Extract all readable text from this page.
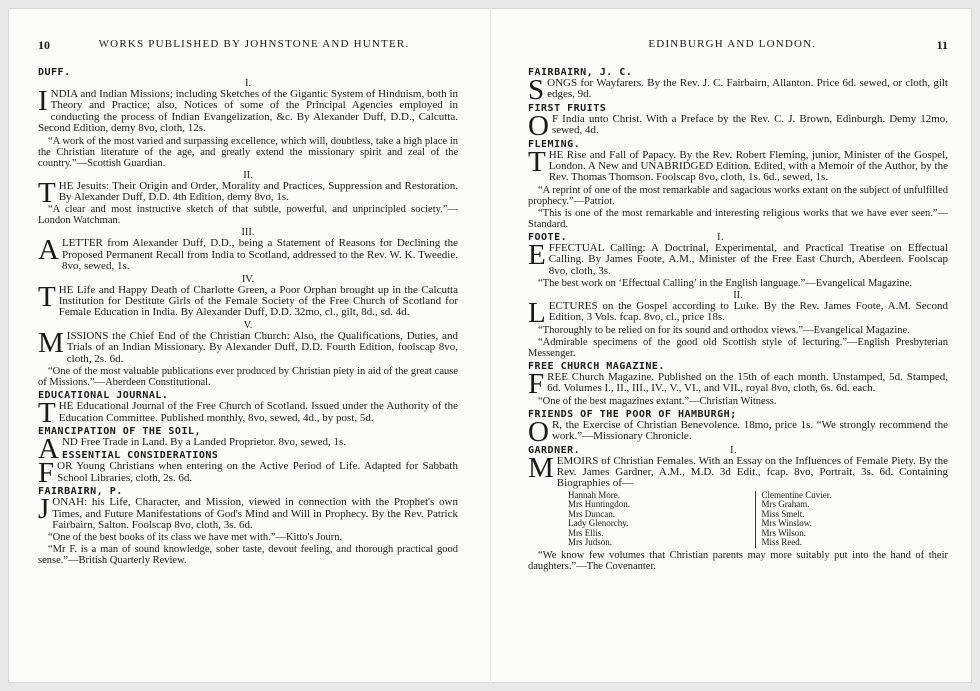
10	WORKS PUBLISHED BY JOHNSTONE AND HUNTER.
DUFF.
I.
INDIA and Indian Missions; including Sketches of the Gigantic System of Hinduism, both in Theory and Practice; also, Notices of some of the Principal Agencies employed in conducting the process of Indian Evangelization, &c. By Alexander Duff, D.D., Calcutta. Second Edition, demy 8vo, cloth, 12s.
“A work of the most varied and surpassing excellence, which will, doubtless, take a high place in the Christian literature of the age, and greatly extend the missionary spirit and zeal of the country.”—Scottish Guardian.
II.
THE Jesuits: Their Origin and Order, Morality and Practices, Suppression and Restoration. By Alexander Duff, D.D. 4th Edition, demy 8vo, 1s.
“A clear and most instructive sketch of that subtle, powerful, and unprincipled society.”—London Watchman.
III.
ALETTER from Alexander Duff, D.D., being a Statement of Reasons for Declining the Proposed Permanent Recall from India to Scotland, addressed to the Rev. W. K. Tweedie. 8vo, sewed, 1s.
IV.
THE Life and Happy Death of Charlotte Green, a Poor Orphan brought up in the Calcutta Institution for Destitute Girls of the Female Society of the Free Church of Scotland for Female Education in India. By Alexander Duff, D.D. 32mo, cl., gilt, 8d., sd. 4d.
V.
MISSIONS the Chief End of the Christian Church: Also, the Qualifications, Duties, and Trials of an Indian Missionary. By Alexander Duff, D.D. Fourth Edition, foolscap 8vo, cloth, 2s. 6d.
“One of the most valuable publications ever produced by Christian piety in aid of the great cause of Missions.”—Aberdeen Constitutional.
EDUCATIONAL JOURNAL.
THE Educational Journal of the Free Church of Scotland. Issued under the Authority of the Education Committee. Published monthly, 8vo, sewed, 4d., by post, 5d.
EMANCIPATION OF THE SOIL,
AND Free Trade in Land. By a Landed Proprietor. 8vo, sewed, 1s.
ESSENTIAL CONSIDERATIONS
FOR Young Christians when entering on the Active Period of Life. Adapted for Sabbath School Libraries, cloth, 2s. 6d.
FAIRBAIRN, P.
JONAH: his Life, Character, and Mission, viewed in connection with the Prophet's own Times, and Future Manifestations of God's Mind and Will in Prophecy. By the Rev. Patrick Fairbairn, Salton. Foolscap 8vo, cloth, 3s. 6d.
“One of the best books of its class we have met with.”—Kitto's Journ.
“Mr F. is a man of sound knowledge, sober taste, devout feeling, and thorough practical good sense.”—British Quarterly Review.
EDINBURGH AND LONDON.	11
FAIRBAIRN, J. C.
SONGS for Wayfarers. By the Rev. J. C. Fairbairn, Allanton. Price 6d. sewed, or cloth, gilt edges, 9d.
FIRST FRUITS
O F India unto Christ. With a Preface by the Rev. C. J. Brown, Edinburgh. Demy 12mo, sewed, 4d.
FLEMING.
THE Rise and Fall of Papacy. By the Rev. Robert Fleming, junior, Minister of the Gospel, London. A New and UNABRIDGED Edition. Edited, with a Memoir of the Author, by the Rev. Thomas Thomson. Foolscap 8vo, cloth, 1s. 6d., sewed, 1s.
“A reprint of one of the most remarkable and sagacious works extant on the subject of unfulfilled prophecy.”—Patriot.
“This is one of the most remarkable and interesting religious works that we have ever seen.”—Standard.
FOOTE.	I.
EFFECTUAL Calling: A Doctrinal, Experimental, and Practical Treatise on Effectual Calling. By James Foote, A.M., Minister of the Free East Church, Aberdeen. Foolscap 8vo, cloth, 3s.
“The best work on ‘Effectual Calling’ in the English language.”—Evangelical Magazine.
II.
LECTURES on the Gospel according to Luke. By the Rev. James Foote, A.M. Second Edition, 3 Vols. fcap. 8vo, cl., price 18s.
“Thoroughly to be relied on for its sound and orthodox views.”—Evangelical Magazine.
“Admirable specimens of the good old Scottish style of lecturing.”—English Presbyterian Messenger.
FREE CHURCH MAGAZINE.
FREE Church Magazine. Published on the 15th of each month. Unstamped, 5d. Stamped, 6d. Volumes I., II., III., IV., V., VI., and VII., royal 8vo, cloth, 6s. 6d. each.
“One of the best magazines extant.”—Christian Witness.
FRIENDS OF THE POOR OF HAMBURGH;
O R, the Exercise of Christian Benevolence. 18mo, price 1s. “We strongly recommend the work.”—Missionary Chronicle.
GARDNER.	I.
MEMOIRS of Christian Females. With an Essay on the Influences of Female Piety. By the Rev. James Gardner, A.M., M.D. 3d Edit., fcap. 8vo, Portrait, 3s. 6d. Containing Biographies of—
Hannah More.
Mrs Huntingdon.
Mrs Duncan.
Lady Glenorchy.
Mrs Ellis.
Mrs Judson.
Clementine Cuvier.
Mrs Graham.
Miss Smelt.
Mrs Winslow.
Mrs Wilson.
Miss Reed.
“We know few volumes that Christian parents may more suitably put into the hand of their daughters.”—The Covenanter.
